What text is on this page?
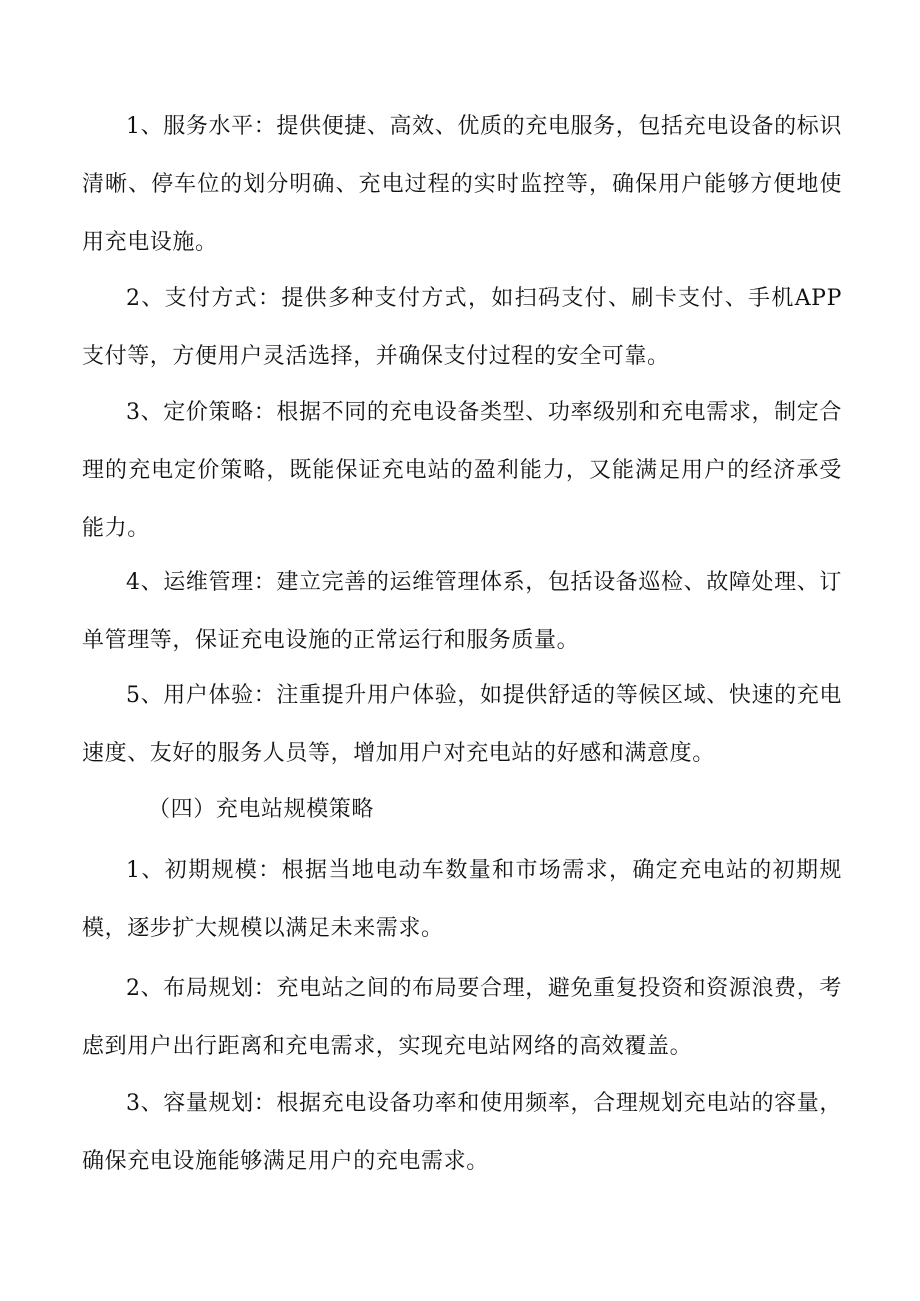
1、服务水平：提供便捷、高效、优质的充电服务，包括充电设备的标识清晰、停车位的划分明确、充电过程的实时监控等，确保用户能够方便地使用充电设施。

2、支付方式：提供多种支付方式，如扫码支付、刷卡支付、手机APP支付等，方便用户灵活选择，并确保支付过程的安全可靠。

3、定价策略：根据不同的充电设备类型、功率级别和充电需求，制定合理的充电定价策略，既能保证充电站的盈利能力，又能满足用户的经济承受能力。

4、运维管理：建立完善的运维管理体系，包括设备巡检、故障处理、订单管理等，保证充电设施的正常运行和服务质量。

5、用户体验：注重提升用户体验，如提供舒适的等候区域、快速的充电速度、友好的服务人员等，增加用户对充电站的好感和满意度。

（四）充电站规模策略

1、初期规模：根据当地电动车数量和市场需求，确定充电站的初期规模，逐步扩大规模以满足未来需求。

2、布局规划：充电站之间的布局要合理，避免重复投资和资源浪费，考虑到用户出行距离和充电需求，实现充电站网络的高效覆盖。

3、容量规划：根据充电设备功率和使用频率，合理规划充电站的容量，确保充电设施能够满足用户的充电需求。
